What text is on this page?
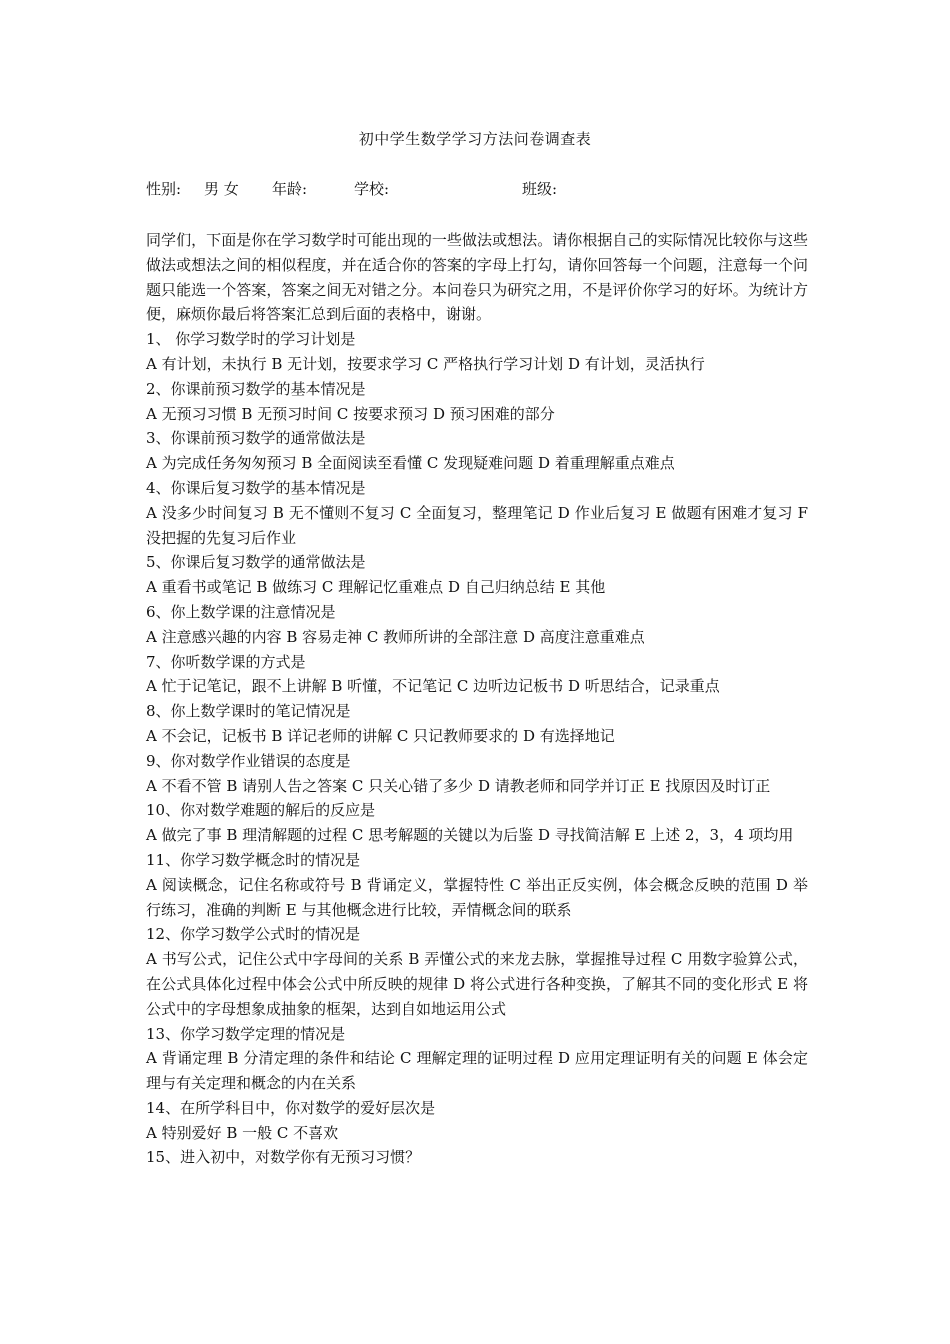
初中学生数学学习方法问卷调查表
性别: 男 女 年龄:	学校:	班级:

同学们，下面是你在学习数学时可能出现的一些做法或想法。请你根据自己的实际情况比较你与这些做法或想法之间的相似程度，并在适合你的答案的字母上打勾，请你回答每一个问题，注意每一个问题只能选一个答案，答案之间无对错之分。本问卷只为研究之用，不是评价你学习的好坏。为统计方便，麻烦你最后将答案汇总到后面的表格中，谢谢。

1、 你学习数学时的学习计划是

A 有计划，未执行 B 无计划，按要求学习 C 严格执行学习计划 D 有计划，灵活执行

2、你课前预习数学的基本情况是

A 无预习习惯 B 无预习时间 C 按要求预习 D 预习困难的部分

3、你课前预习数学的通常做法是

A 为完成任务匆匆预习 B 全面阅读至看懂 C 发现疑难问题 D 着重理解重点难点

4、你课后复习数学的基本情况是

A 没多少时间复习 B 无不懂则不复习 C 全面复习，整理笔记 D 作业后复习 E 做题有困难才复习 F 没把握的先复习后作业

5、你课后复习数学的通常做法是

A 重看书或笔记 B 做练习 C 理解记忆重难点 D 自己归纳总结 E 其他

6、你上数学课的注意情况是

A 注意感兴趣的内容 B 容易走神 C 教师所讲的全部注意 D 高度注意重难点

7、你听数学课的方式是

A 忙于记笔记，跟不上讲解 B 听懂，不记笔记 C 边听边记板书 D 听思结合，记录重点

8、你上数学课时的笔记情况是

A 不会记，记板书 B 详记老师的讲解 C 只记教师要求的 D 有选择地记

9、你对数学作业错误的态度是

A 不看不管 B 请别人告之答案 C 只关心错了多少 D 请教老师和同学并订正 E 找原因及时订正

10、你对数学难题的解后的反应是

A 做完了事 B 理清解题的过程 C 思考解题的关键以为后鉴 D 寻找简洁解 E 上述 2，3，4 项均用

11、你学习数学概念时的情况是

A 阅读概念，记住名称或符号 B 背诵定义，掌握特性 C 举出正反实例，体会概念反映的范围 D 举行练习，准确的判断 E 与其他概念进行比较，弄情概念间的联系

12、你学习数学公式时的情况是

A 书写公式，记住公式中字母间的关系 B 弄懂公式的来龙去脉，掌握推导过程 C 用数字验算公式，在公式具体化过程中体会公式中所反映的规律 D 将公式进行各种变换，了解其不同的变化形式 E 将公式中的字母想象成抽象的框架，达到自如地运用公式

13、你学习数学定理的情况是

A 背诵定理 B 分清定理的条件和结论 C 理解定理的证明过程 D 应用定理证明有关的问题 E 体会定理与有关定理和概念的内在关系

14、在所学科目中，你对数学的爱好层次是

A 特别爱好 B 一般 C 不喜欢

15、进入初中，对数学你有无预习习惯？
